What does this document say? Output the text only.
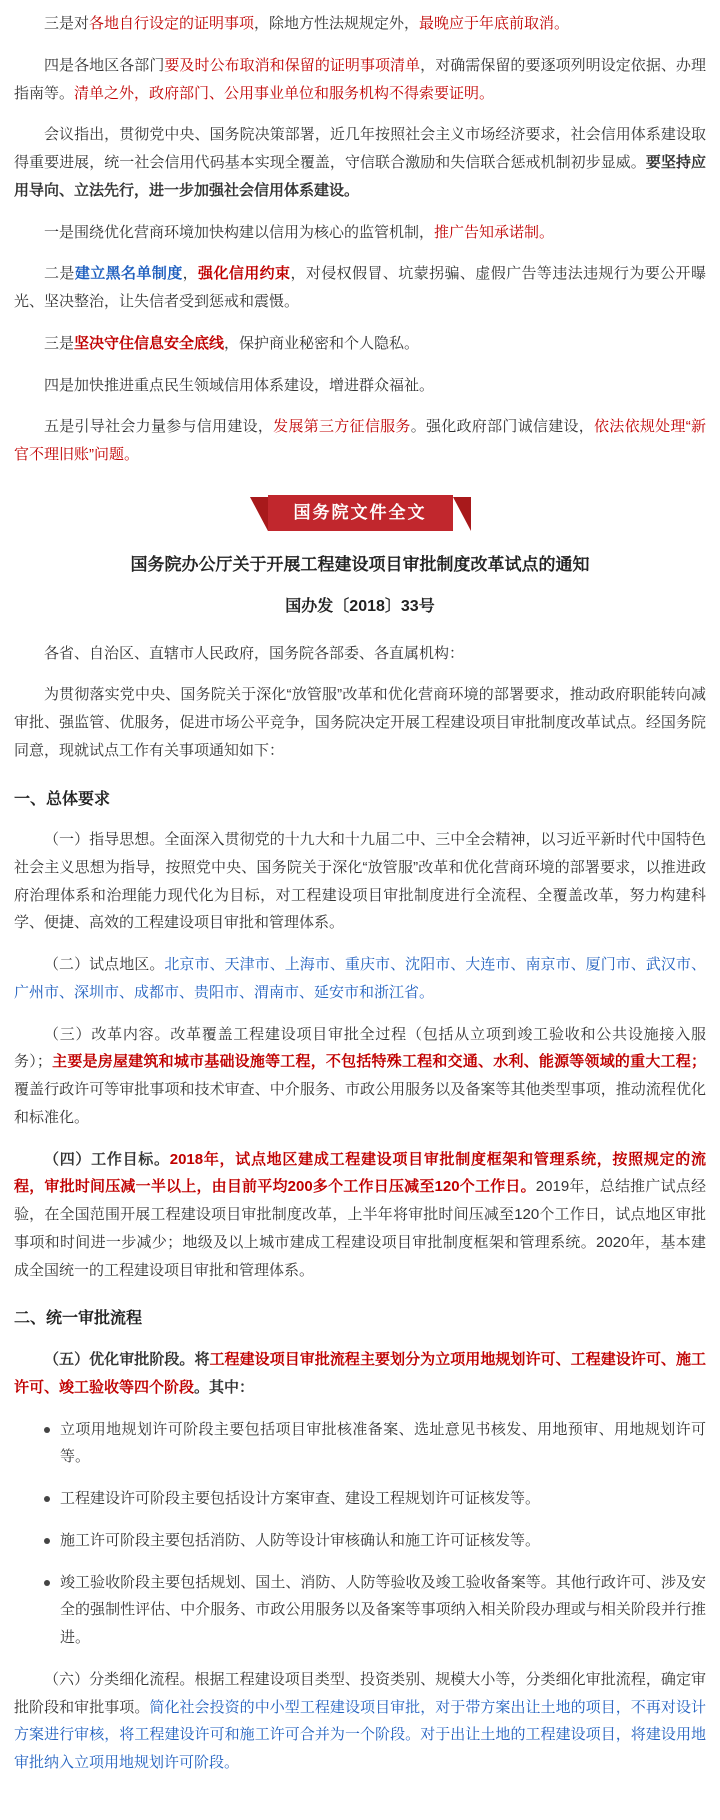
三是对各地自行设定的证明事项，除地方性法规规定外，最晚应于年底前取消。

四是各地区各部门要及时公布取消和保留的证明事项清单，对确需保留的要逐项列明设定依据、办理指南等。清单之外，政府部门、公用事业单位和服务机构不得索要证明。

会议指出，贯彻党中央、国务院决策部署，近几年按照社会主义市场经济要求，社会信用体系建设取得重要进展，统一社会信用代码基本实现全覆盖，守信联合激励和失信联合惩戒机制初步显威。要坚持应用导向、立法先行，进一步加强社会信用体系建设。

一是围绕优化营商环境加快构建以信用为核心的监管机制，推广告知承诺制。

二是建立黑名单制度，强化信用约束，对侵权假冒、坑蒙拐骗、虚假广告等违法违规行为要公开曝光、坚决整治，让失信者受到惩戒和震慑。

三是坚决守住信息安全底线，保护商业秘密和个人隐私。

四是加快推进重点民生领域信用体系建设，增进群众福祉。

五是引导社会力量参与信用建设，发展第三方征信服务。强化政府部门诚信建设，依法依规处理“新官不理旧账”问题。

国务院文件全文
国务院办公厅关于开展工程建设项目审批制度改革试点的通知
国办发〔2018〕33号

各省、自治区、直辖市人民政府，国务院各部委、各直属机构：

为贯彻落实党中央、国务院关于深化“放管服”改革和优化营商环境的部署要求，推动政府职能转向减审批、强监管、优服务，促进市场公平竞争，国务院决定开展工程建设项目审批制度改革试点。经国务院同意，现就试点工作有关事项通知如下：

一、总体要求

（一）指导思想。全面深入贯彻党的十九大和十九届二中、三中全会精神，以习近平新时代中国特色社会主义思想为指导，按照党中央、国务院关于深化“放管服”改革和优化营商环境的部署要求，以推进政府治理体系和治理能力现代化为目标，对工程建设项目审批制度进行全流程、全覆盖改革，努力构建科学、便捷、高效的工程建设项目审批和管理体系。

（二）试点地区。北京市、天津市、上海市、重庆市、沈阳市、大连市、南京市、厦门市、武汉市、广州市、深圳市、成都市、贵阳市、渭南市、延安市和浙江省。

（三）改革内容。改革覆盖工程建设项目审批全过程（包括从立项到竣工验收和公共设施接入服务）；主要是房屋建筑和城市基础设施等工程，不包括特殊工程和交通、水利、能源等领域的重大工程；覆盖行政许可等审批事项和技术审查、中介服务、市政公用服务以及备案等其他类型事项，推动流程优化和标准化。

（四）工作目标。2018年，试点地区建成工程建设项目审批制度框架和管理系统，按照规定的流程，审批时间压减一半以上，由目前平均200多个工作日压减至120个工作日。2019年，总结推广试点经验，在全国范围开展工程建设项目审批制度改革，上半年将审批时间压减至120个工作日，试点地区审批事项和时间进一步减少；地级及以上城市建成工程建设项目审批制度框架和管理系统。2020年，基本建成全国统一的工程建设项目审批和管理体系。

二、统一审批流程

（五）优化审批阶段。将工程建设项目审批流程主要划分为立项用地规划许可、工程建设许可、施工许可、竣工验收等四个阶段。其中：

立项用地规划许可阶段主要包括项目审批核准备案、选址意见书核发、用地预审、用地规划许可等。
工程建设许可阶段主要包括设计方案审查、建设工程规划许可证核发等。
施工许可阶段主要包括消防、人防等设计审核确认和施工许可证核发等。
竣工验收阶段主要包括规划、国土、消防、人防等验收及竣工验收备案等。其他行政许可、涉及安全的强制性评估、中介服务、市政公用服务以及备案等事项纳入相关阶段办理或与相关阶段并行推进。

（六）分类细化流程。根据工程建设项目类型、投资类别、规模大小等，分类细化审批流程，确定审批阶段和审批事项。简化社会投资的中小型工程建设项目审批，对于带方案出让土地的项目，不再对设计方案进行审核，将工程建设许可和施工许可合并为一个阶段。对于出让土地的工程建设项目，将建设用地审批纳入立项用地规划许可阶段。
